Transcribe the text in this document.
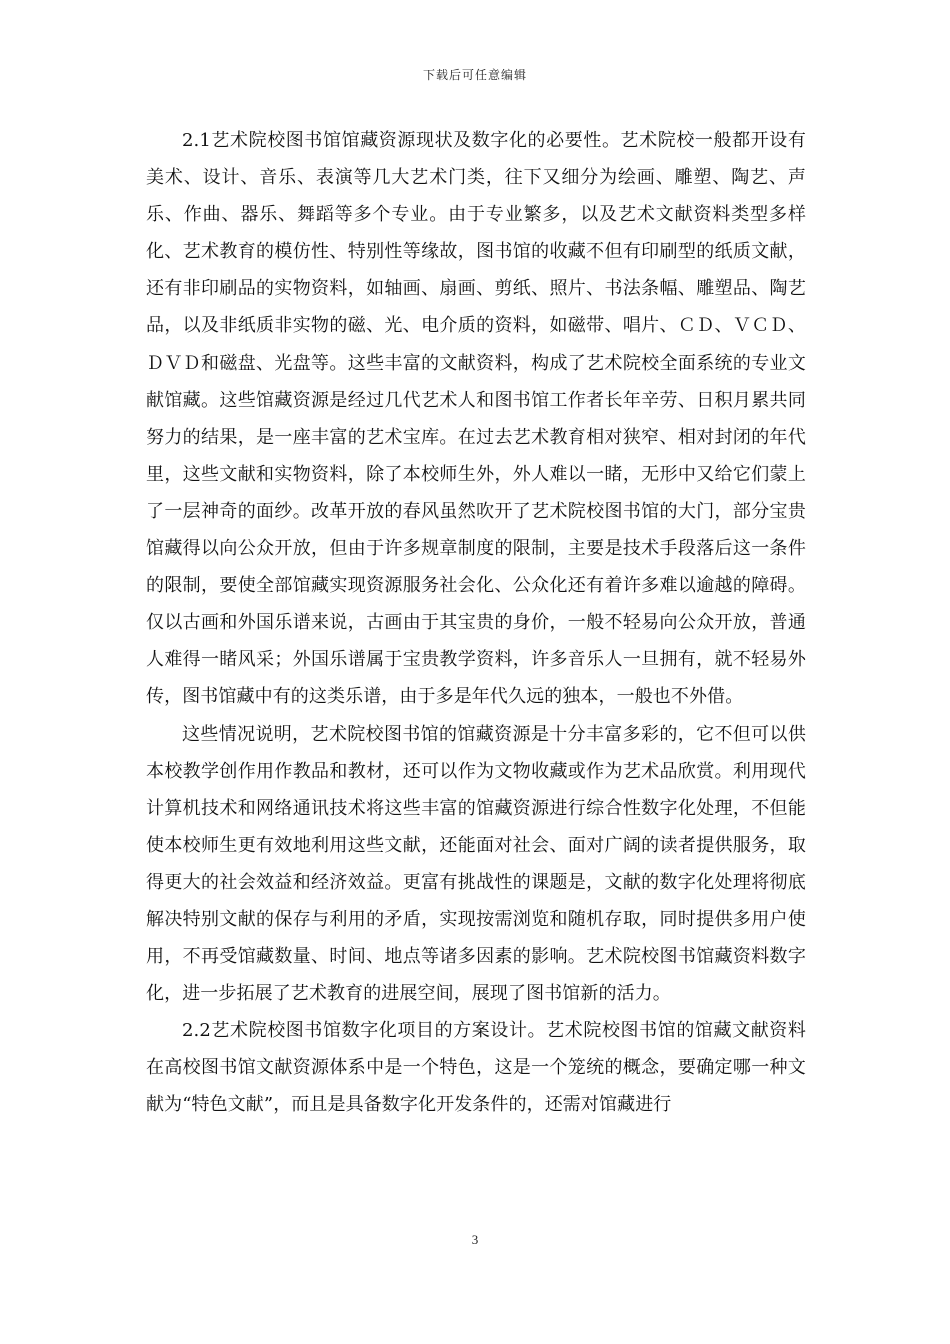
下载后可任意编辑

2.1艺术院校图书馆馆藏资源现状及数字化的必要性。艺术院校一般都开设有美术、设计、音乐、表演等几大艺术门类，往下又细分为绘画、雕塑、陶艺、声乐、作曲、器乐、舞蹈等多个专业。由于专业繁多，以及艺术文献资料类型多样化、艺术教育的模仿性、特别性等缘故，图书馆的收藏不但有印刷型的纸质文献，还有非印刷品的实物资料，如轴画、扇画、剪纸、照片、书法条幅、雕塑品、陶艺品，以及非纸质非实物的磁、光、电介质的资料，如磁带、唱片、ＣＤ、ＶＣＤ、ＤＶＤ和磁盘、光盘等。这些丰富的文献资料，构成了艺术院校全面系统的专业文献馆藏。这些馆藏资源是经过几代艺术人和图书馆工作者长年辛劳、日积月累共同努力的结果，是一座丰富的艺术宝库。在过去艺术教育相对狭窄、相对封闭的年代里，这些文献和实物资料，除了本校师生外，外人难以一睹，无形中又给它们蒙上了一层神奇的面纱。改革开放的春风虽然吹开了艺术院校图书馆的大门，部分宝贵馆藏得以向公众开放，但由于许多规章制度的限制，主要是技术手段落后这一条件的限制，要使全部馆藏实现资源服务社会化、公众化还有着许多难以逾越的障碍。仅以古画和外国乐谱来说，古画由于其宝贵的身价，一般不轻易向公众开放，普通人难得一睹风采；外国乐谱属于宝贵教学资料，许多音乐人一旦拥有，就不轻易外传，图书馆藏中有的这类乐谱，由于多是年代久远的独本，一般也不外借。

这些情况说明，艺术院校图书馆的馆藏资源是十分丰富多彩的，它不但可以供本校教学创作用作教品和教材，还可以作为文物收藏或作为艺术品欣赏。利用现代计算机技术和网络通讯技术将这些丰富的馆藏资源进行综合性数字化处理，不但能使本校师生更有效地利用这些文献，还能面对社会、面对广阔的读者提供服务，取得更大的社会效益和经济效益。更富有挑战性的课题是，文献的数字化处理将彻底解决特别文献的保存与利用的矛盾，实现按需浏览和随机存取，同时提供多用户使用，不再受馆藏数量、时间、地点等诸多因素的影响。艺术院校图书馆藏资料数字化，进一步拓展了艺术教育的进展空间，展现了图书馆新的活力。

2.2艺术院校图书馆数字化项目的方案设计。艺术院校图书馆的馆藏文献资料在高校图书馆文献资源体系中是一个特色，这是一个笼统的概念，要确定哪一种文献为“特色文献”，而且是具备数字化开发条件的，还需对馆藏进行

3
